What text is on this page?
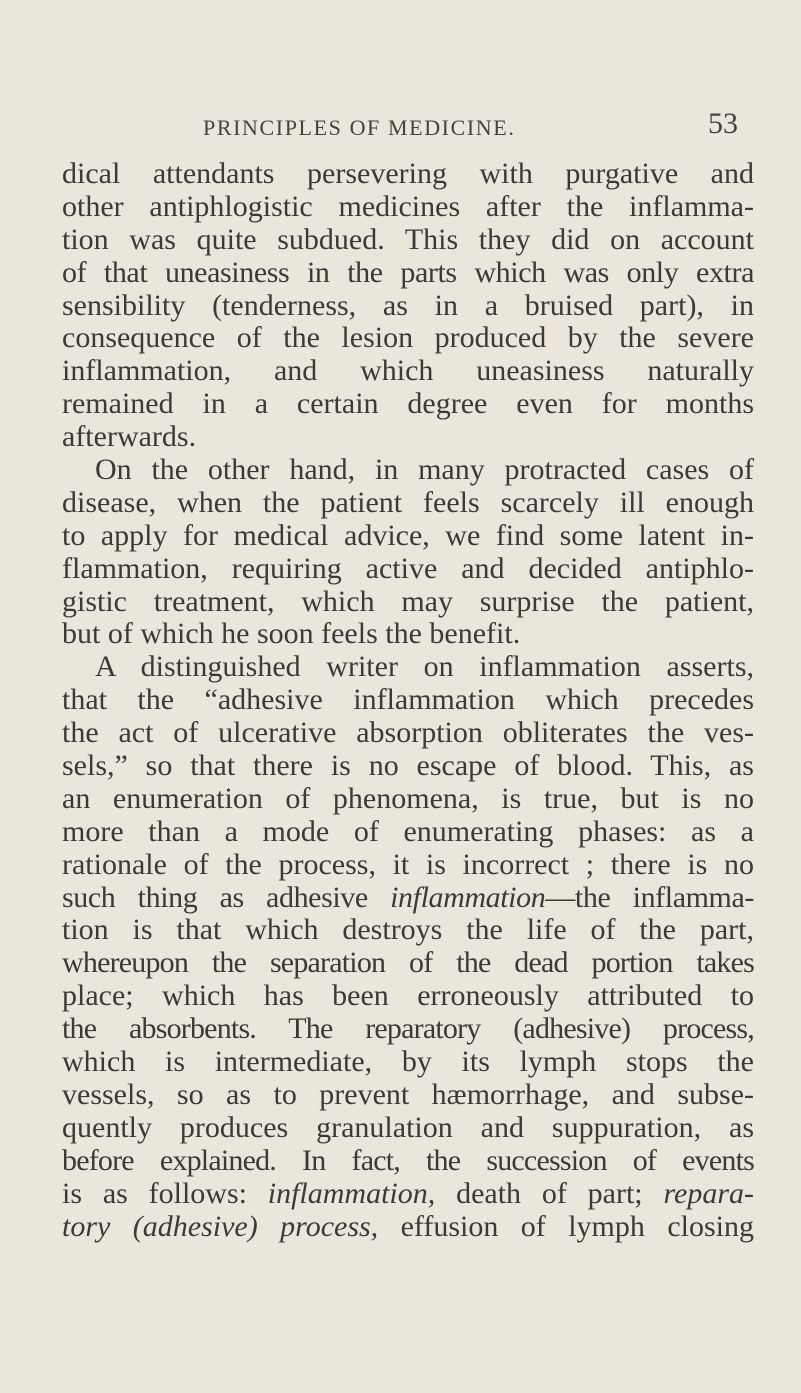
PRINCIPLES OF MEDICINE.	53
dical attendants persevering with purgative and
other antiphlogistic medicines after the inflamma-
tion was quite subdued. This they did on account
of that uneasiness in the parts which was only extra
sensibility (tenderness, as in a bruised part), in
consequence of the lesion produced by the severe
inflammation, and which uneasiness naturally
remained in a certain degree even for months
afterwards.
On the other hand, in many protracted cases of
disease, when the patient feels scarcely ill enough
to apply for medical advice, we find some latent in-
flammation, requiring active and decided antiphlo-
gistic treatment, which may surprise the patient,
but of which he soon feels the benefit.
A distinguished writer on inflammation asserts,
that the “adhesive inflammation which precedes
the act of ulcerative absorption obliterates the ves-
sels,” so that there is no escape of blood. This, as
an enumeration of phenomena, is true, but is no
more than a mode of enumerating phases: as a
rationale of the process, it is incorrect ; there is no
such thing as adhesive inflammation—the inflamma-
tion is that which destroys the life of the part,
whereupon the separation of the dead portion takes
place; which has been erroneously attributed to
the absorbents. The reparatory (adhesive) process,
which is intermediate, by its lymph stops the
vessels, so as to prevent hæmorrhage, and subse-
quently produces granulation and suppuration, as
before explained. In fact, the succession of events
is as follows: inflammation, death of part; repara-
tory (adhesive) process, effusion of lymph closing
